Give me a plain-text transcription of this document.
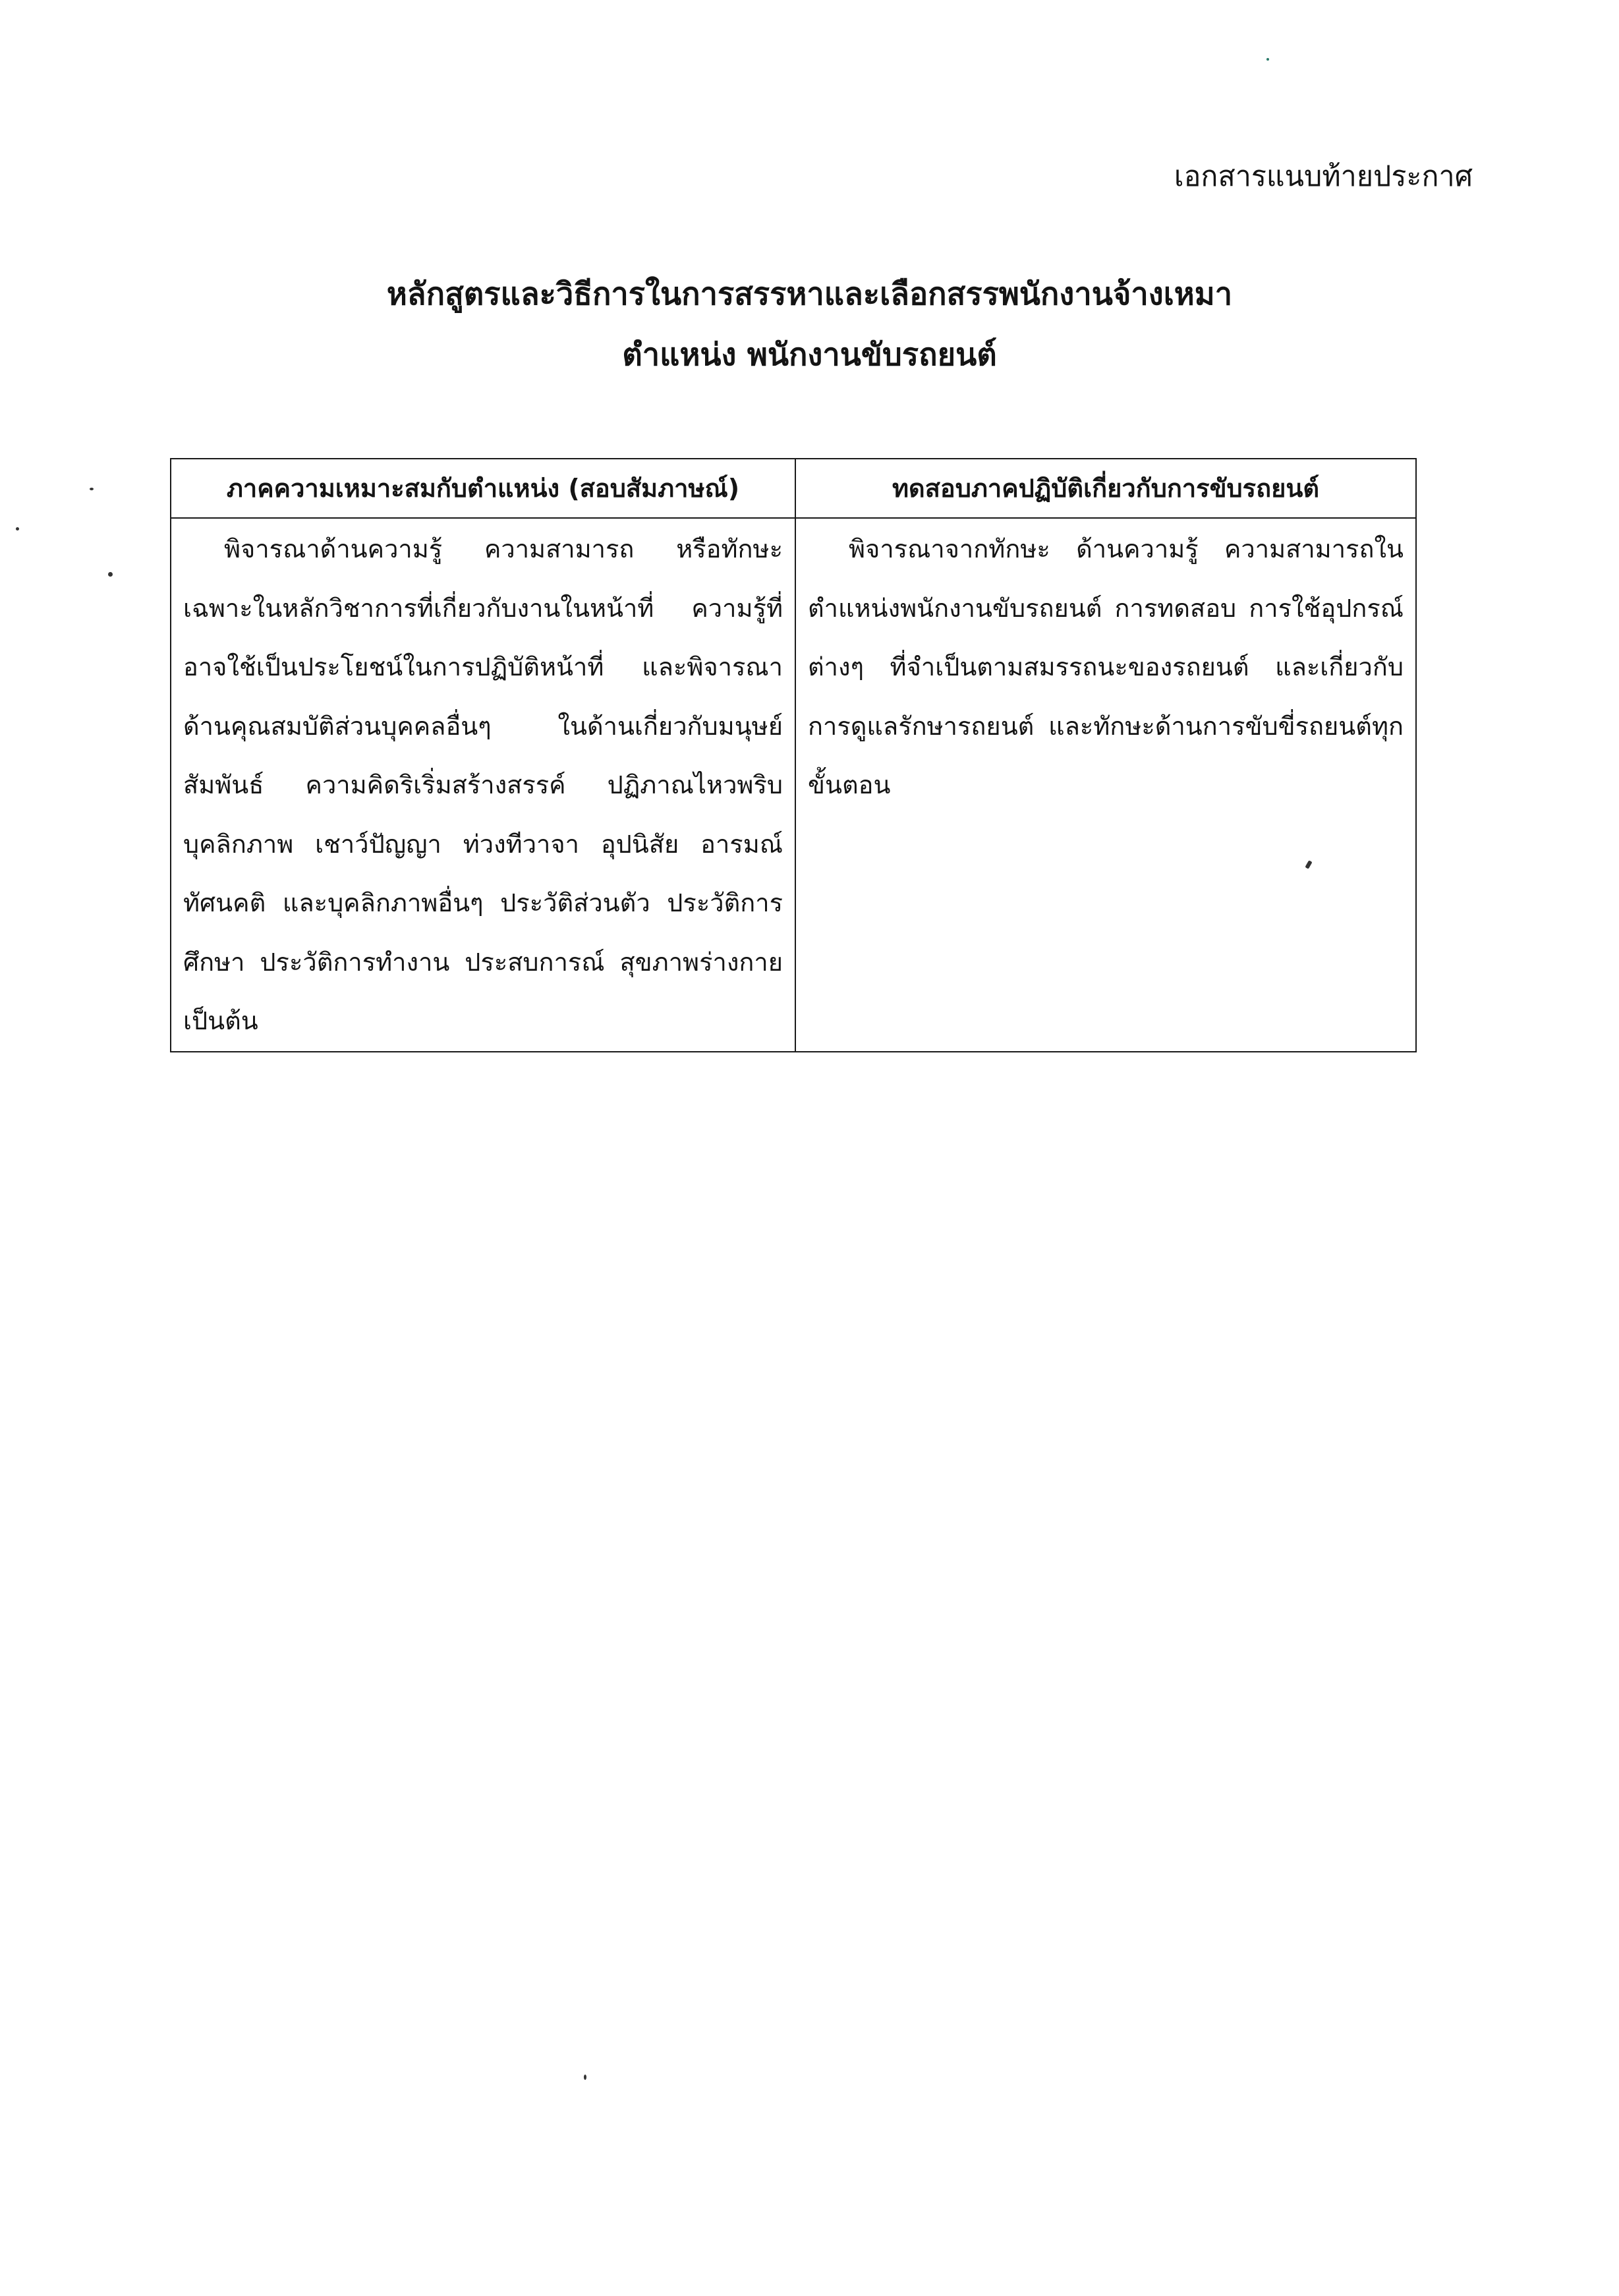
เอกสารแนบท้ายประกาศ
หลักสูตรและวิธีการในการสรรหาและเลือกสรรพนักงานจ้างเหมา
ตำแหน่ง พนักงานขับรถยนต์
ภาคความเหมาะสมกับตำแหน่ง (สอบสัมภาษณ์)	ทดสอบภาคปฏิบัติเกี่ยวกับการขับรถยนต์
พิจารณาด้านความรู้ ความสามารถ หรือทักษะเฉพาะในหลักวิชาการที่เกี่ยวกับงานในหน้าที่ ความรู้ที่อาจใช้เป็นประโยชน์ในการปฏิบัติหน้าที่ และพิจารณาด้านคุณสมบัติส่วนบุคคลอื่นๆ ในด้านเกี่ยวกับมนุษย์สัมพันธ์ ความคิดริเริ่มสร้างสรรค์ ปฏิภาณไหวพริบ บุคลิกภาพ เชาว์ปัญญา ท่วงทีวาจา อุปนิสัย อารมณ์ ทัศนคติ และบุคลิกภาพอื่นๆ ประวัติส่วนตัว ประวัติการศึกษา ประวัติการทำงาน ประสบการณ์ สุขภาพร่างกาย เป็นต้น	พิจารณาจากทักษะ ด้านความรู้ ความสามารถในตำแหน่งพนักงานขับรถยนต์ การทดสอบ การใช้อุปกรณ์ต่างๆ ที่จำเป็นตามสมรรถนะของรถยนต์ และเกี่ยวกับการดูแลรักษารถยนต์ และทักษะด้านการขับขี่รถยนต์ทุกขั้นตอน
